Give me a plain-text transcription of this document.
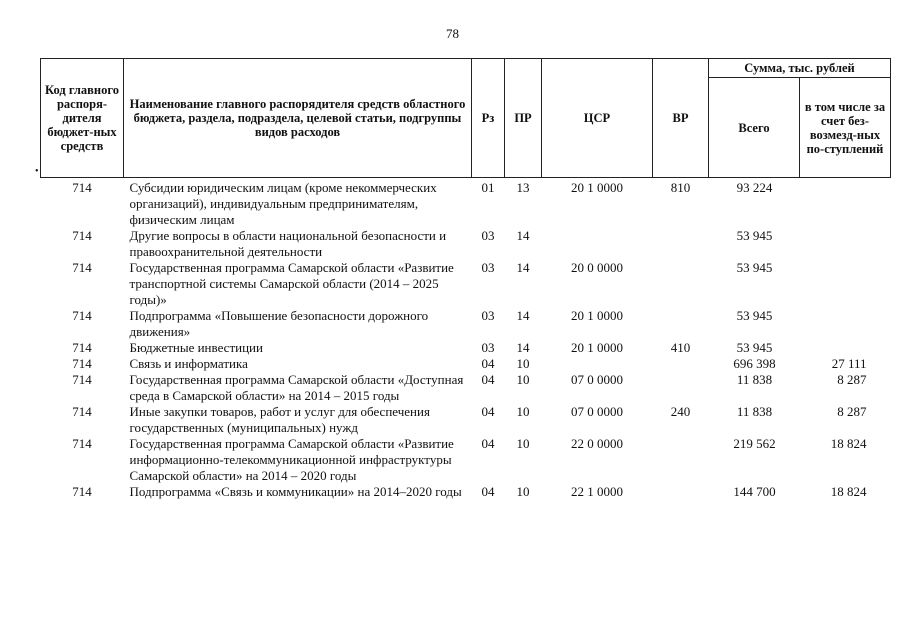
78
•
Код главного распоря-дителя бюджет-ных средств	Наименование главного распорядителя средств областного бюджета, раздела, подраздела, целевой статьи, подгруппы видов расходов	Рз	ПР	ЦСР	ВР	Сумма, тыс. рублей	
						Всего	в том числе за счет без-возмезд-ных по-ступлений
714	Субсидии юридическим лицам (кроме некоммерческих организаций), индивидуальным предпринимателям, физическим лицам	01	13	20 1 0000	810	93 224	
714	Другие вопросы в области национальной безопасности и правоохранительной деятельности	03	14			53 945	
714	Государственная программа Самарской области «Развитие транспортной системы Самарской области (2014 – 2025 годы)»	03	14	20 0 0000		53 945	
714	Подпрограмма «Повышение безопасности дорожного движения»	03	14	20 1 0000		53 945	
714	Бюджетные инвестиции	03	14	20 1 0000	410	53 945	
714	Связь и информатика	04	10			696 398	27 111
714	Государственная программа Самарской области «Доступная среда в Самарской области» на 2014 – 2015 годы	04	10	07 0 0000		11 838	8 287
714	Иные закупки товаров, работ и услуг для обеспечения государственных (муниципальных) нужд	04	10	07 0 0000	240	11 838	8 287
714	Государственная программа Самарской области «Развитие информационно-телекоммуникационной инфраструктуры Самарской области» на 2014 – 2020 годы	04	10	22 0 0000		219 562	18 824
714	Подпрограмма «Связь и коммуникации» на 2014–2020 годы	04	10	22 1 0000		144 700	18 824
